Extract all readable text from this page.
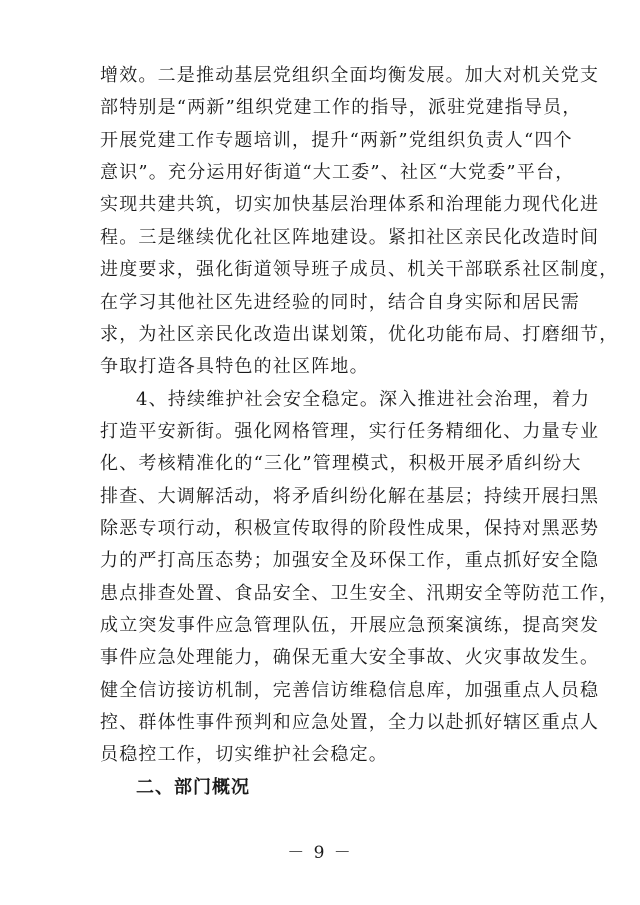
增效。二是推动基层党组织全面均衡发展。加大对机关党支
部特别是“两新”组织党建工作的指导，派驻党建指导员，
开展党建工作专题培训，提升“两新”党组织负责人“四个
意识”。充分运用好街道“大工委”、社区“大党委”平台，
实现共建共筑，切实加快基层治理体系和治理能力现代化进
程。三是继续优化社区阵地建设。紧扣社区亲民化改造时间
进度要求，强化街道领导班子成员、机关干部联系社区制度，
在学习其他社区先进经验的同时，结合自身实际和居民需
求，为社区亲民化改造出谋划策，优化功能布局、打磨细节，
争取打造各具特色的社区阵地。
4、持续维护社会安全稳定。深入推进社会治理，着力
打造平安新街。强化网格管理，实行任务精细化、力量专业
化、考核精准化的“三化”管理模式，积极开展矛盾纠纷大
排查、大调解活动，将矛盾纠纷化解在基层；持续开展扫黑
除恶专项行动，积极宣传取得的阶段性成果，保持对黑恶势
力的严打高压态势；加强安全及环保工作，重点抓好安全隐
患点排查处置、食品安全、卫生安全、汛期安全等防范工作，
成立突发事件应急管理队伍，开展应急预案演练，提高突发
事件应急处理能力，确保无重大安全事故、火灾事故发生。
健全信访接访机制，完善信访维稳信息库，加强重点人员稳
控、群体性事件预判和应急处置，全力以赴抓好辖区重点人
员稳控工作，切实维护社会稳定。
二、部门概况
－ 9 －
